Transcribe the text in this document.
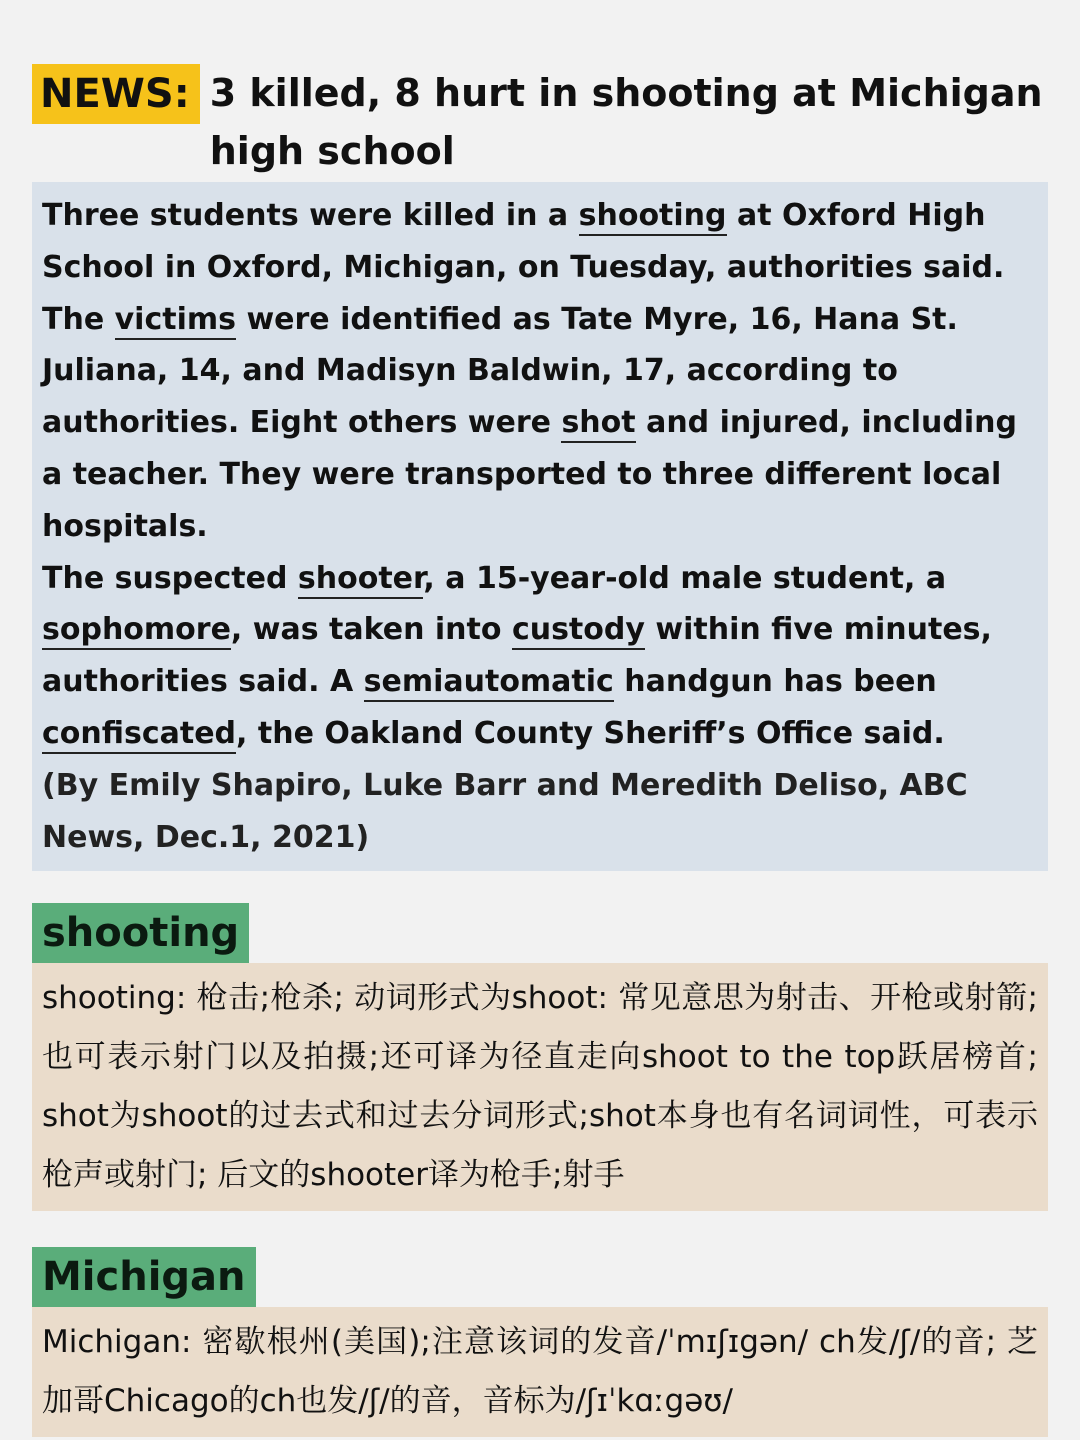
NEWS: 3 killed, 8 hurt in shooting at Michigan high school

Three students were killed in a shooting at Oxford High School in Oxford, Michigan, on Tuesday, authorities said. The victims were identified as Tate Myre, 16, Hana St. Juliana, 14, and Madisyn Baldwin, 17, according to authorities. Eight others were shot and injured, including a teacher. They were transported to three different local hospitals.

The suspected shooter, a 15-year-old male student, a sophomore, was taken into custody within five minutes, authorities said. A semiautomatic handgun has been confiscated, the Oakland County Sheriff’s Office said.

(By Emily Shapiro, Luke Barr and Meredith Deliso, ABC News, Dec.1, 2021)

shooting
shooting: 枪击;枪杀; 动词形式为shoot: 常见意思为射击、开枪或射箭;也可表示射门以及拍摄;还可译为径直走向shoot to the top跃居榜首; shot为shoot的过去式和过去分词形式;shot本身也有名词词性，可表示枪声或射门; 后文的shooter译为枪手;射手
Michigan
Michigan: 密歇根州(美国);注意该词的发音/ˈmɪʃɪgən/ ch发/ʃ/的音; 芝加哥Chicago的ch也发/ʃ/的音，音标为/ʃɪˈkɑːgəʊ/
